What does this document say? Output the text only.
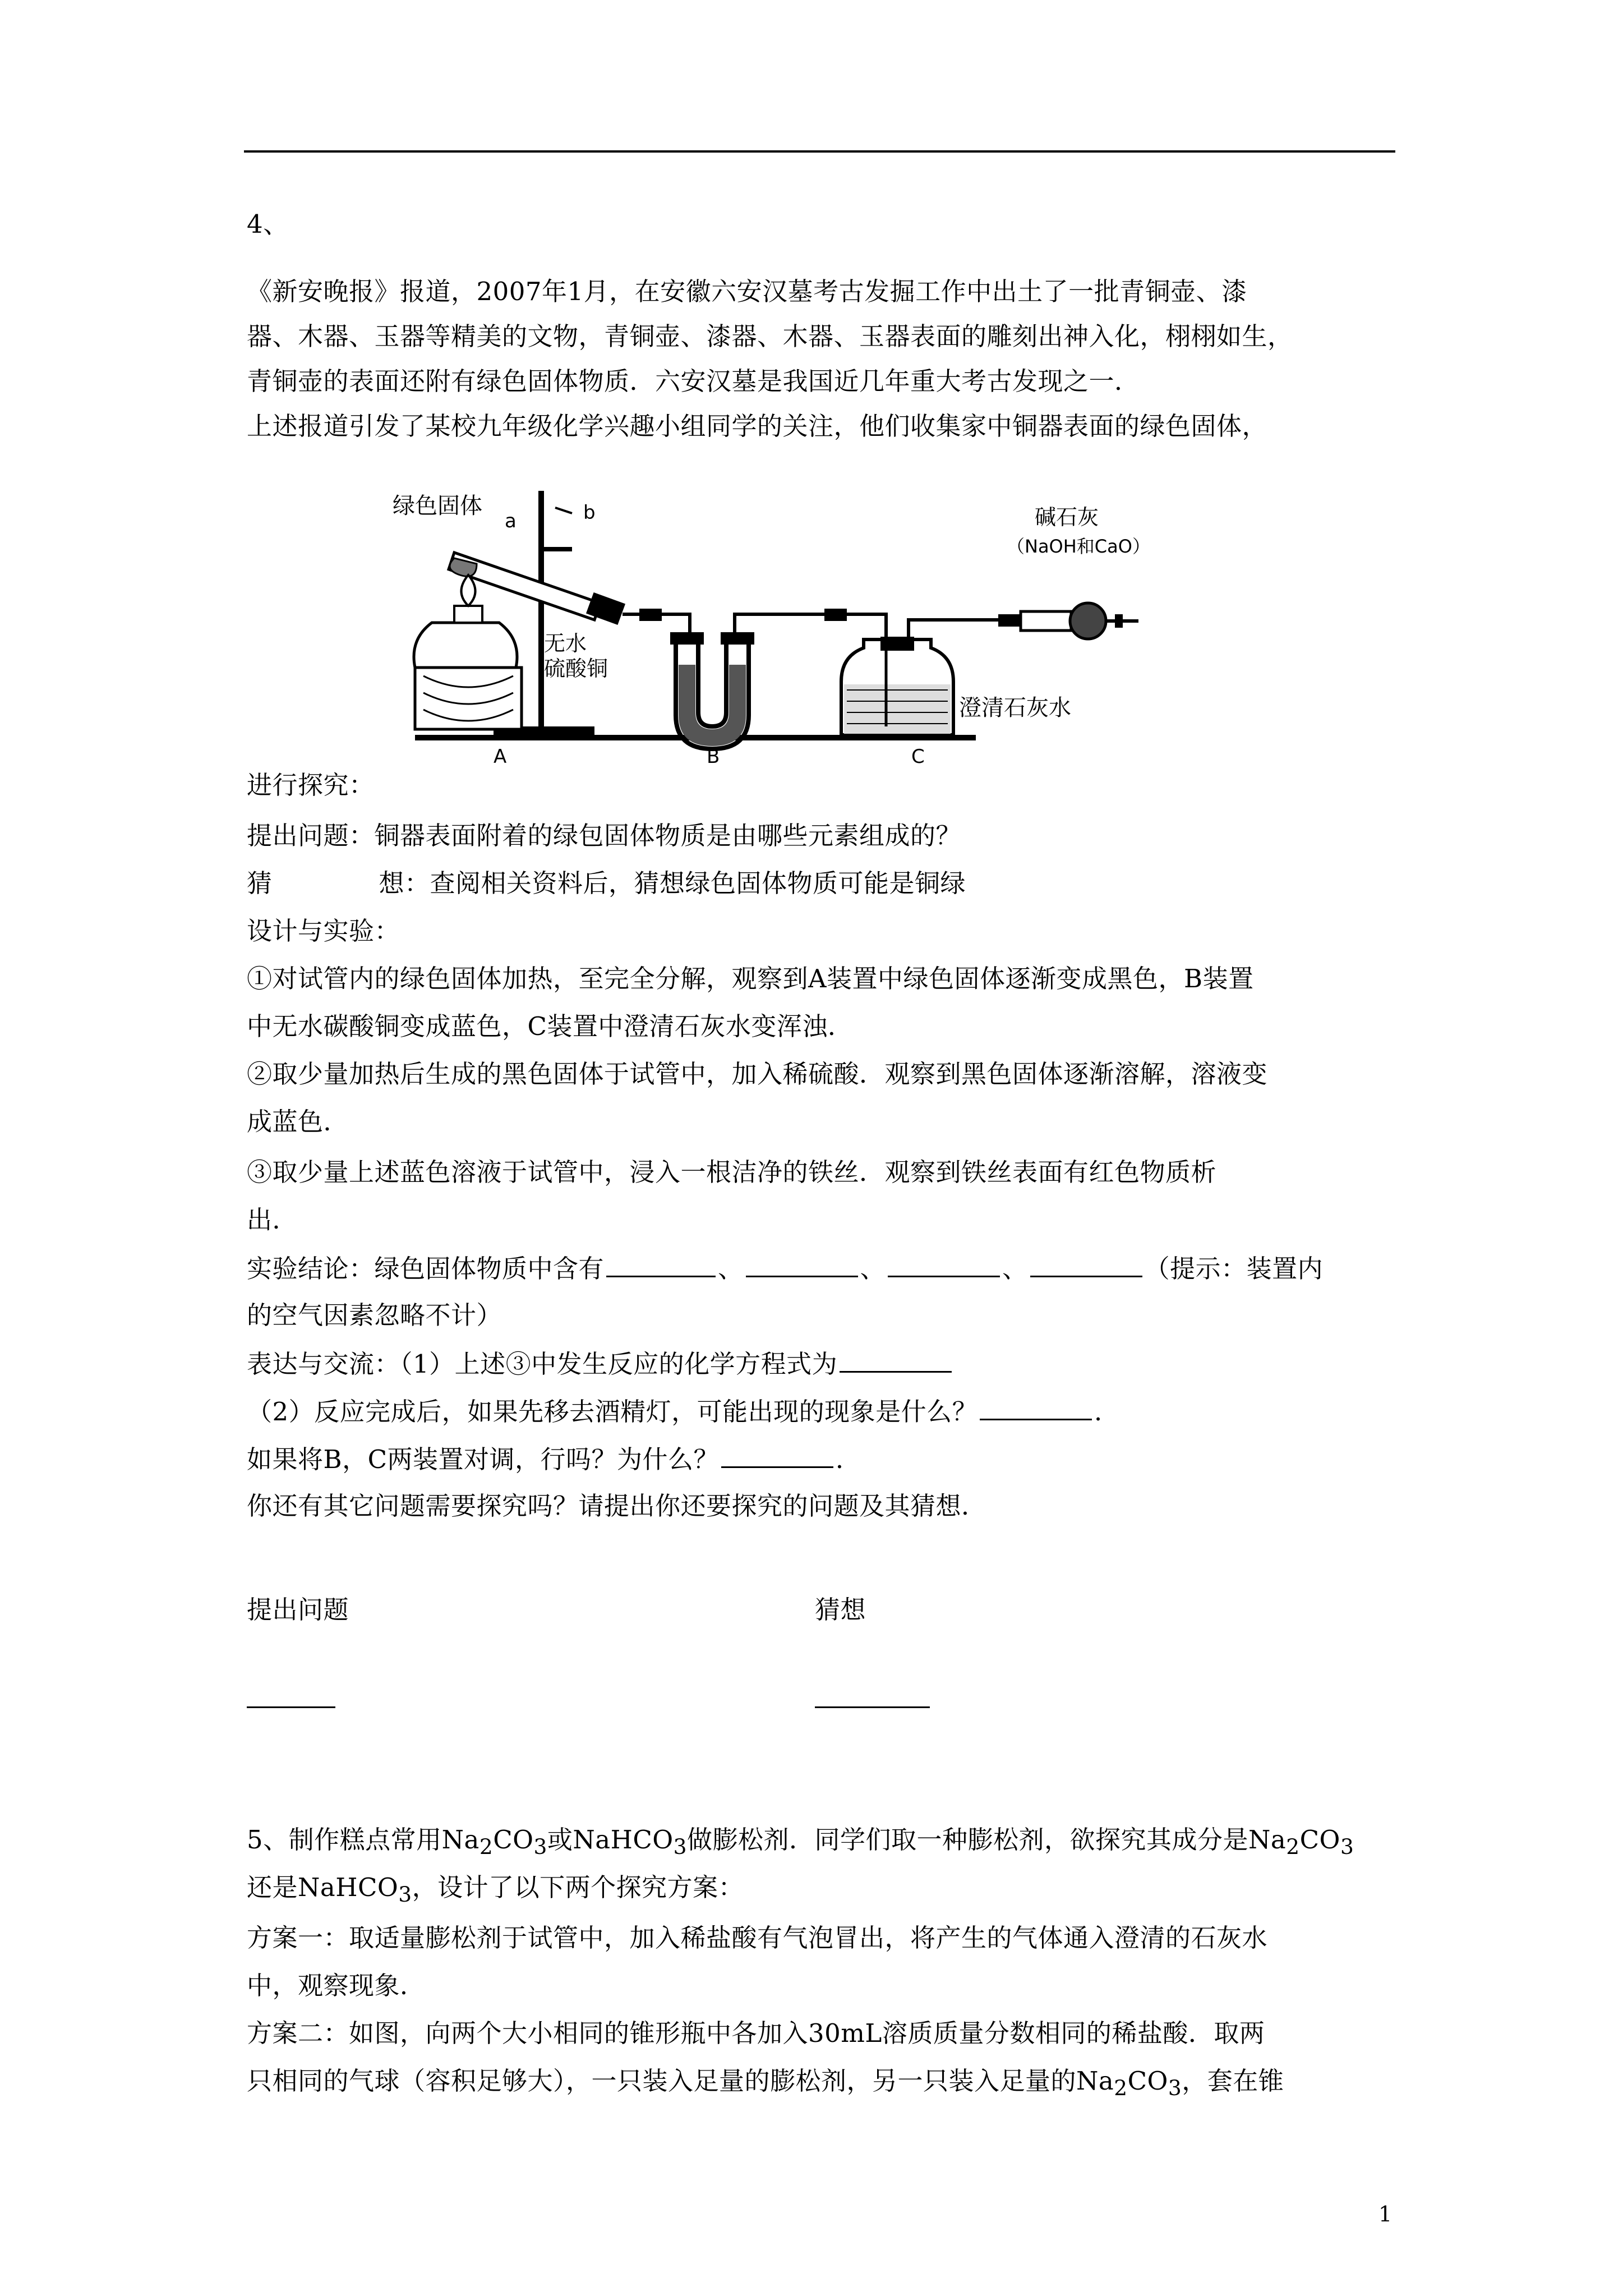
4、

《新安晚报》报道，2007年1月，在安徽六安汉墓考古发掘工作中出土了一批青铜壶、漆

器、木器、玉器等精美的文物，青铜壶、漆器、木器、玉器表面的雕刻出神入化，栩栩如生，

青铜壶的表面还附有绿色固体物质．六安汉墓是我国近几年重大考古发现之一．

上述报道引发了某校九年级化学兴趣小组同学的关注，他们收集家中铜器表面的绿色固体，

绿色固体
a	b	碱石灰
（NaOH和CaO）
无水
硫酸铜
澄清石灰水
A	B	C

进行探究：

提出问题：铜器表面附着的绿包固体物质是由哪些元素组成的？

猜	想：查阅相关资料后，猜想绿色固体物质可能是铜绿

设计与实验：

①对试管内的绿色固体加热，至完全分解，观察到A装置中绿色固体逐渐变成黑色，B装置

中无水碳酸铜变成蓝色，C装置中澄清石灰水变浑浊．

②取少量加热后生成的黑色固体于试管中，加入稀硫酸．观察到黑色固体逐渐溶解，溶液变

成蓝色．

③取少量上述蓝色溶液于试管中，浸入一根洁净的铁丝．观察到铁丝表面有红色物质析

出．

实验结论：绿色固体物质中含有	、	、	、	（提示：装置内

的空气因素忽略不计）

表达与交流：（1）上述③中发生反应的化学方程式为

（2）反应完成后，如果先移去酒精灯，可能出现的现象是什么？	．

如果将B，C两装置对调，行吗？为什么？	．

你还有其它问题需要探究吗？请提出你还要探究的问题及其猜想．

提出问题	猜想

5、制作糕点常用$Na_2CO_3$或NaHCO$_3$做膨松剂．同学们取一种膨松剂，欲探究其成分是$Na_2CO_3$

还是NaHCO$_3$，设计了以下两个探究方案：

方案一：取适量膨松剂于试管中，加入稀盐酸有气泡冒出，将产生的气体通入澄清的石灰水

中，观察现象．

方案二：如图，向两个大小相同的锥形瓶中各加入30mL溶质质量分数相同的稀盐酸．取两

只相同的气球（容积足够大），一只装入足量的膨松剂，另一只装入足量的$Na_2CO_3$，套在锥

1
